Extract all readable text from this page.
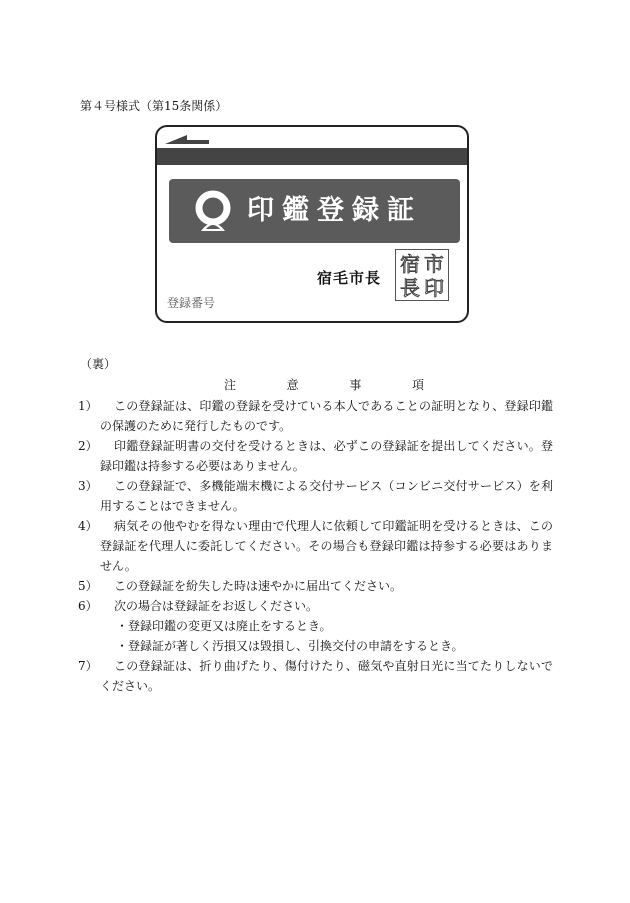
第４号様式（第15条関係）
印鑑登録証
宿毛市長
宿 市
長 印
登録番号
（裏）
注	意	事	項
1）	この登録証は、印鑑の登録を受けている本人であることの証明となり、登録印鑑の保護のために発行したものです。
2）	印鑑登録証明書の交付を受けるときは、必ずこの登録証を提出してください。登録印鑑は持参する必要はありません。
3）	この登録証で、多機能端末機による交付サービス（コンビニ交付サービス）を利用することはできません。
4）	病気その他やむを得ない理由で代理人に依頼して印鑑証明を受けるときは、この登録証を代理人に委託してください。その場合も登録印鑑は持参する必要はありません。
5）	この登録証を紛失した時は速やかに届出てください。
6）	次の場合は登録証をお返しください。
・登録印鑑の変更又は廃止をするとき。
・登録証が著しく汚損又は毀損し、引換交付の申請をするとき。
7）	この登録証は、折り曲げたり、傷付けたり、磁気や直射日光に当てたりしないでください。
